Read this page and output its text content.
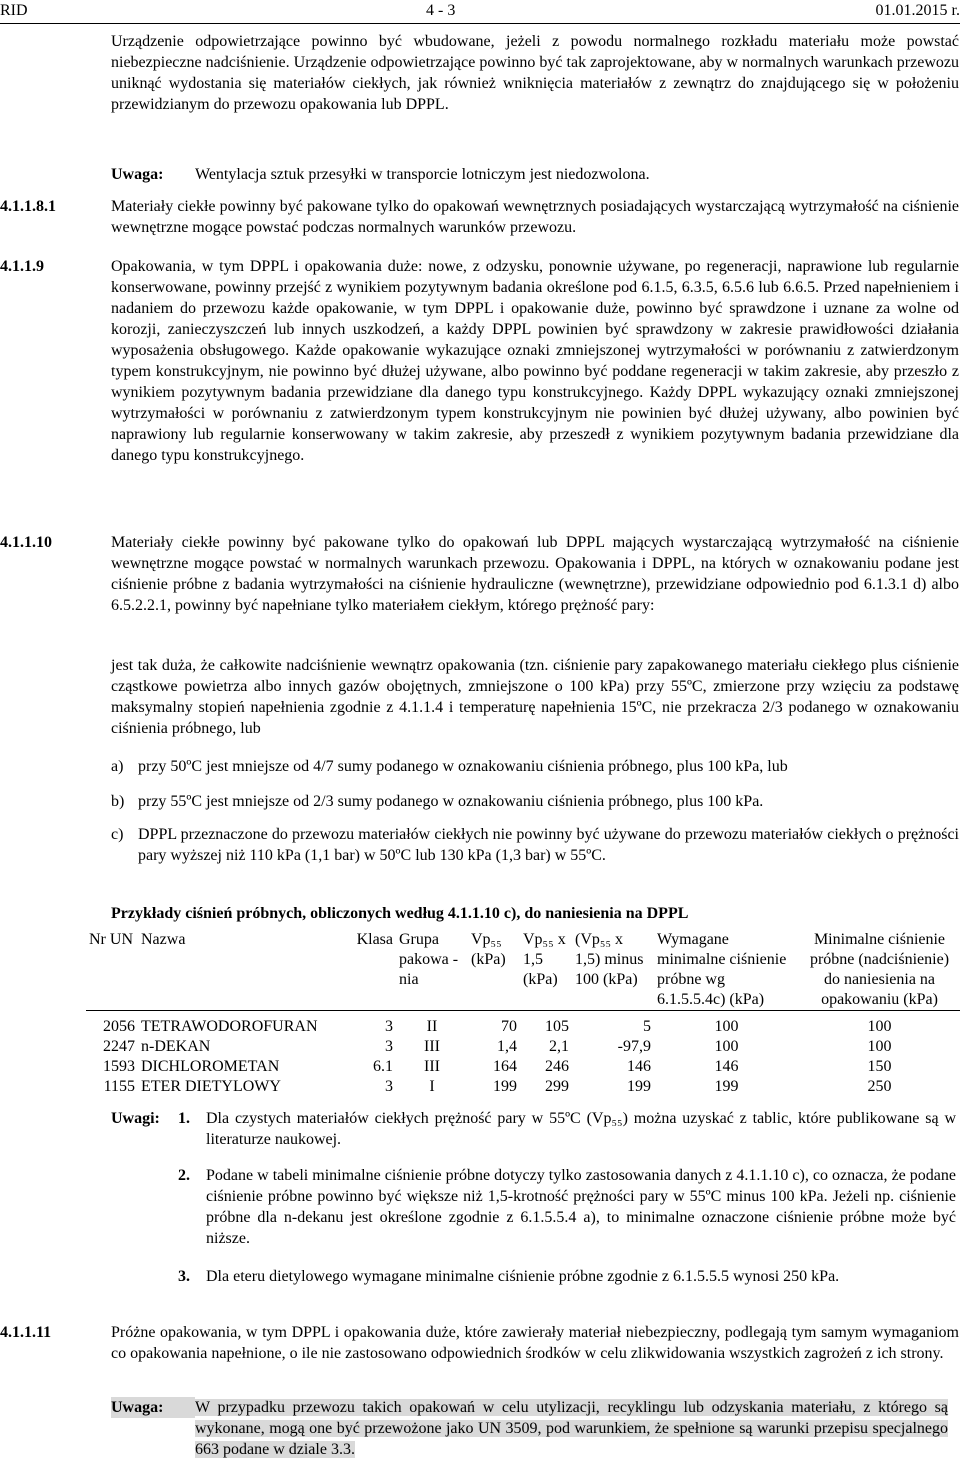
RID	4 - 3	01.01.2015 r.
Urządzenie odpowietrzające powinno być wbudowane, jeżeli z powodu normalnego rozkładu materiału może powstać niebezpieczne nadciśnienie. Urządzenie odpowietrzające powinno być tak zaprojektowane, aby w normalnych warunkach przewozu uniknąć wydostania się materiałów ciekłych, jak również wniknięcia materiałów z zewnątrz do znajdującego się w położeniu przewidzianym do przewozu opakowania lub DPPL.
Uwaga: Wentylacja sztuk przesyłki w transporcie lotniczym jest niedozwolona.
4.1.1.8.1	Materiały ciekłe powinny być pakowane tylko do opakowań wewnętrznych posiadających wystarczającą wytrzymałość na ciśnienie wewnętrzne mogące powstać podczas normalnych warunków przewozu.
4.1.1.9	Opakowania, w tym DPPL i opakowania duże: nowe, z odzysku, ponownie używane, po regeneracji, naprawione lub regularnie konserwowane, powinny przejść z wynikiem pozytywnym badania określone pod 6.1.5, 6.3.5, 6.5.6 lub 6.6.5. Przed napełnieniem i nadaniem do przewozu każde opakowanie, w tym DPPL i opakowanie duże, powinno być sprawdzone i uznane za wolne od korozji, zanieczyszczeń lub innych uszkodzeń, a każdy DPPL powinien być sprawdzony w zakresie prawidłowości działania wyposażenia obsługowego. Każde opakowanie wykazujące oznaki zmniejszonej wytrzymałości w porównaniu z zatwierdzonym typem konstrukcyjnym, nie powinno być dłużej używane, albo powinno być poddane regeneracji w takim zakresie, aby przeszło z wynikiem pozytywnym badania przewidziane dla danego typu konstrukcyjnego. Każdy DPPL wykazujący oznaki zmniejszonej wytrzymałości w porównaniu z zatwierdzonym typem konstrukcyjnym nie powinien być dłużej używany, albo powinien być naprawiony lub regularnie konserwowany w takim zakresie, aby przeszedł z wynikiem pozytywnym badania przewidziane dla danego typu konstrukcyjnego.
4.1.1.10	Materiały ciekłe powinny być pakowane tylko do opakowań lub DPPL mających wystarczającą wytrzymałość na ciśnienie wewnętrzne mogące powstać w normalnych warunkach przewozu. Opakowania i DPPL, na których w oznakowaniu podane jest ciśnienie próbne z badania wytrzymałości na ciśnienie hydrauliczne (wewnętrzne), przewidziane odpowiednio pod 6.1.3.1 d) albo 6.5.2.2.1, powinny być napełniane tylko materiałem ciekłym, którego prężność pary:
jest tak duża, że całkowite nadciśnienie wewnątrz opakowania (tzn. ciśnienie pary zapakowanego materiału ciekłego plus ciśnienie cząstkowe powietrza albo innych gazów obojętnych, zmniejszone o 100 kPa) przy 55ºC, zmierzone przy wzięciu za podstawę maksymalny stopień napełnienia zgodnie z 4.1.1.4 i temperaturę napełnienia 15ºC, nie przekracza 2/3 podanego w oznakowaniu ciśnienia próbnego, lub
a) przy 50ºC jest mniejsze od 4/7 sumy podanego w oznakowaniu ciśnienia próbnego, plus 100 kPa, lub
b) przy 55ºC jest mniejsze od 2/3 sumy podanego w oznakowaniu ciśnienia próbnego, plus 100 kPa.
c) DPPL przeznaczone do przewozu materiałów ciekłych nie powinny być używane do przewozu materiałów ciekłych o prężności pary wyższej niż 110 kPa (1,1 bar) w 50ºC lub 130 kPa (1,3 bar) w 55ºC.
Przykłady ciśnień próbnych, obliczonych według 4.1.1.10 c), do naniesienia na DPPL
Nr UN	Nazwa	Klasa	Grupa pakowa -nia	Vp₅₅ (kPa)	Vp₅₅ x 1,5 (kPa)	(Vp₅₅ x 1,5) minus 100 (kPa)	Wymagane minimalne ciśnienie próbne wg 6.1.5.5.4c) (kPa)	Minimalne ciśnienie próbne (nadciśnienie) do naniesienia na opakowaniu (kPa)
2056	TETRAWODOROFURAN	3	II	70	105	5	100	100
2247	n-DEKAN	3	III	1,4	2,1	-97,9	100	100
1593	DICHLOROMETAN	6.1	III	164	246	146	146	150
1155	ETER DIETYLOWY	3	I	199	299	199	199	250
Uwagi: 1. Dla czystych materiałów ciekłych prężność pary w 55ºC (Vp₅₅) można uzyskać z tablic, które publikowane są w literaturze naukowej.
2. Podane w tabeli minimalne ciśnienie próbne dotyczy tylko zastosowania danych z 4.1.1.10 c), co oznacza, że podane ciśnienie próbne powinno być większe niż 1,5-krotność prężności pary w 55ºC minus 100 kPa. Jeżeli np. ciśnienie próbne dla n-dekanu jest określone zgodnie z 6.1.5.5.4 a), to minimalne oznaczone ciśnienie próbne może być niższe.
3. Dla eteru dietylowego wymagane minimalne ciśnienie próbne zgodnie z 6.1.5.5.5 wynosi 250 kPa.
4.1.1.11	Próżne opakowania, w tym DPPL i opakowania duże, które zawierały materiał niebezpieczny, podlegają tym samym wymaganiom co opakowania napełnione, o ile nie zastosowano odpowiednich środków w celu zlikwidowania wszystkich zagrożeń z ich strony.
Uwaga:	W przypadku przewozu takich opakowań w celu utylizacji, recyklingu lub odzyskania materiału, z którego są wykonane, mogą one być przewożone jako UN 3509, pod warunkiem, że spełnione są warunki przepisu specjalnego 663 podane w dziale 3.3.
